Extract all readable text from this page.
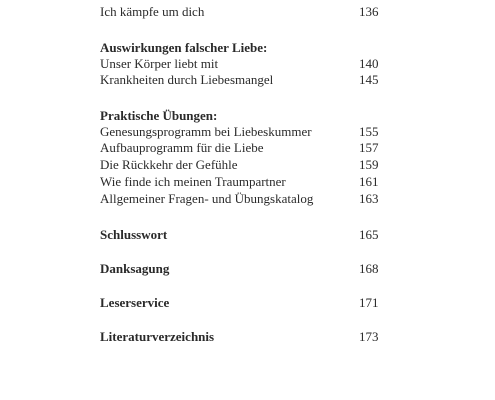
Ich kämpfe um dich	136
Auswirkungen falscher Liebe:
Unser Körper liebt mit	140
Krankheiten durch Liebesmangel	145
Praktische Übungen:
Genesungsprogramm bei Liebeskummer	155
Aufbauprogramm für die Liebe	157
Die Rückkehr der Gefühle	159
Wie finde ich meinen Traumpartner	161
Allgemeiner Fragen- und Übungskatalog	163
Schlusswort	165
Danksagung	168
Leserservice	171
Literaturverzeichnis	173
